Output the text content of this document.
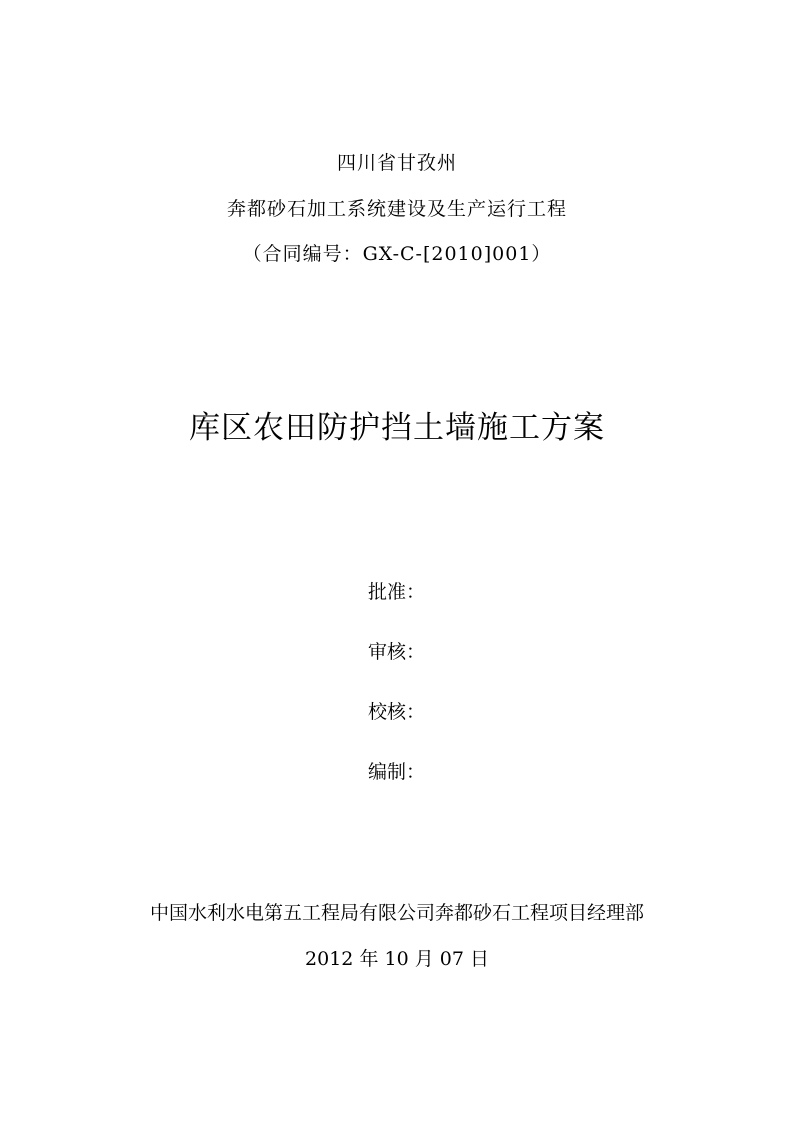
四川省甘孜州
奔都砂石加工系统建设及生产运行工程
（合同编号：GX-C-[2010]001）
库区农田防护挡土墙施工方案
批准：
审核：
校核：
编制：
中国水利水电第五工程局有限公司奔都砂石工程项目经理部
2012 年 10 月 07 日
